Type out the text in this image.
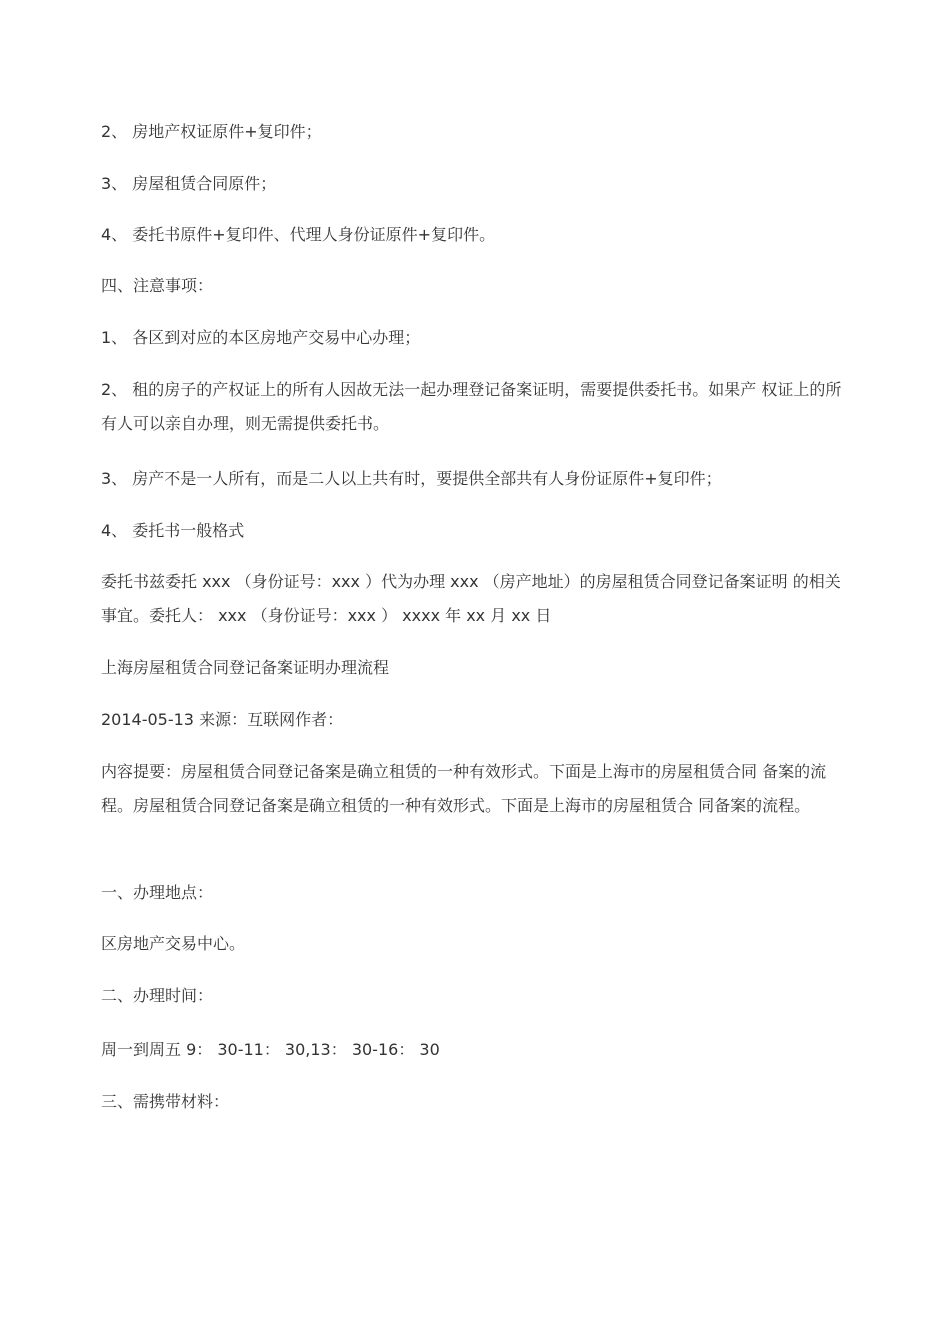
2、 房地产权证原件+复印件；

3、 房屋租赁合同原件；

4、 委托书原件+复印件、代理人身份证原件+复印件。

四、注意事项：

1、 各区到对应的本区房地产交易中心办理；

2、 租的房子的产权证上的所有人因故无法一起办理登记备案证明，需要提供委托书。如果产 权证上的所有人可以亲自办理，则无需提供委托书。

3、 房产不是一人所有，而是二人以上共有时，要提供全部共有人身份证原件+复印件；

4、 委托书一般格式

委托书兹委托 xxx （身份证号：xxx ）代为办理 xxx （房产地址）的房屋租赁合同登记备案证明 的相关事宜。委托人： xxx （身份证号：xxx ） xxxx 年 xx 月 xx 日

上海房屋租赁合同登记备案证明办理流程

2014-05-13 来源：互联网作者：

内容提要：房屋租赁合同登记备案是确立租赁的一种有效形式。下面是上海市的房屋租赁合同 备案的流程。房屋租赁合同登记备案是确立租赁的一种有效形式。下面是上海市的房屋租赁合 同备案的流程。

一、办理地点：

区房地产交易中心。

二、办理时间：

周一到周五 9： 30-11： 30,13： 30-16： 30

三、需携带材料：
